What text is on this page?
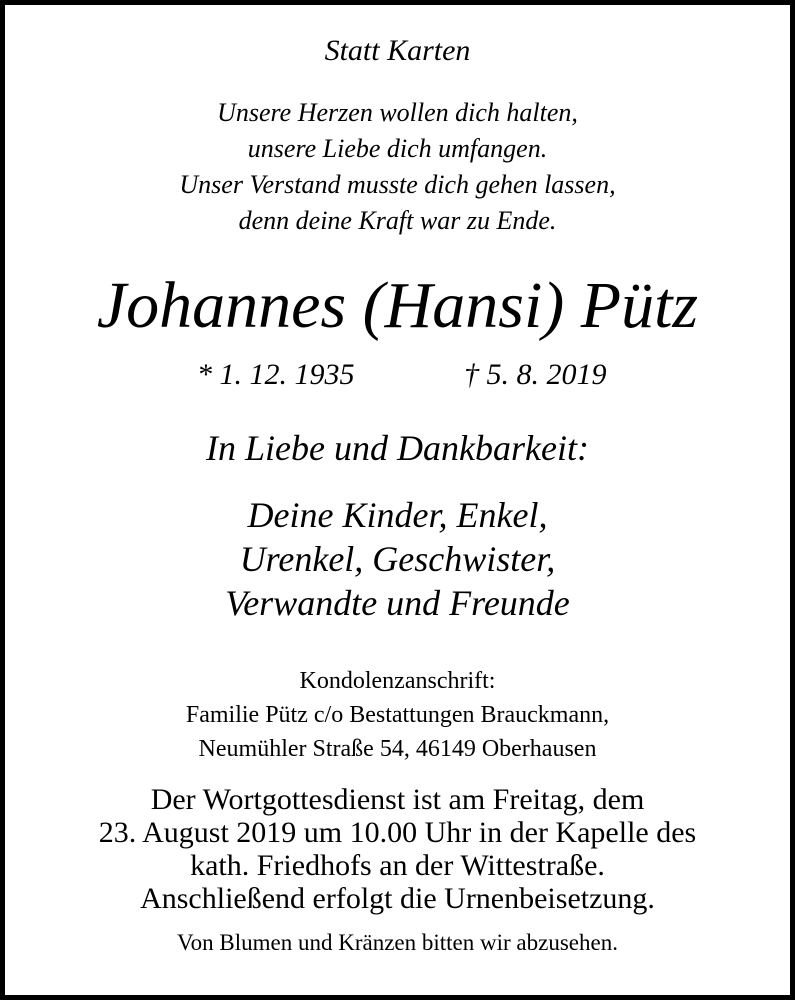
Statt Karten
Unsere Herzen wollen dich halten,
unsere Liebe dich umfangen.
Unser Verstand musste dich gehen lassen,
denn deine Kraft war zu Ende.
Johannes (Hansi) Pütz
* 1. 12. 1935	† 5. 8. 2019
In Liebe und Dankbarkeit:
Deine Kinder, Enkel,
Urenkel, Geschwister,
Verwandte und Freunde
Kondolenzanschrift:
Familie Pütz c/o Bestattungen Brauckmann,
Neumühler Straße 54, 46149 Oberhausen
Der Wortgottesdienst ist am Freitag, dem
23. August 2019 um 10.00 Uhr in der Kapelle des
kath. Friedhofs an der Wittestraße.
Anschließend erfolgt die Urnenbeisetzung.
Von Blumen und Kränzen bitten wir abzusehen.
